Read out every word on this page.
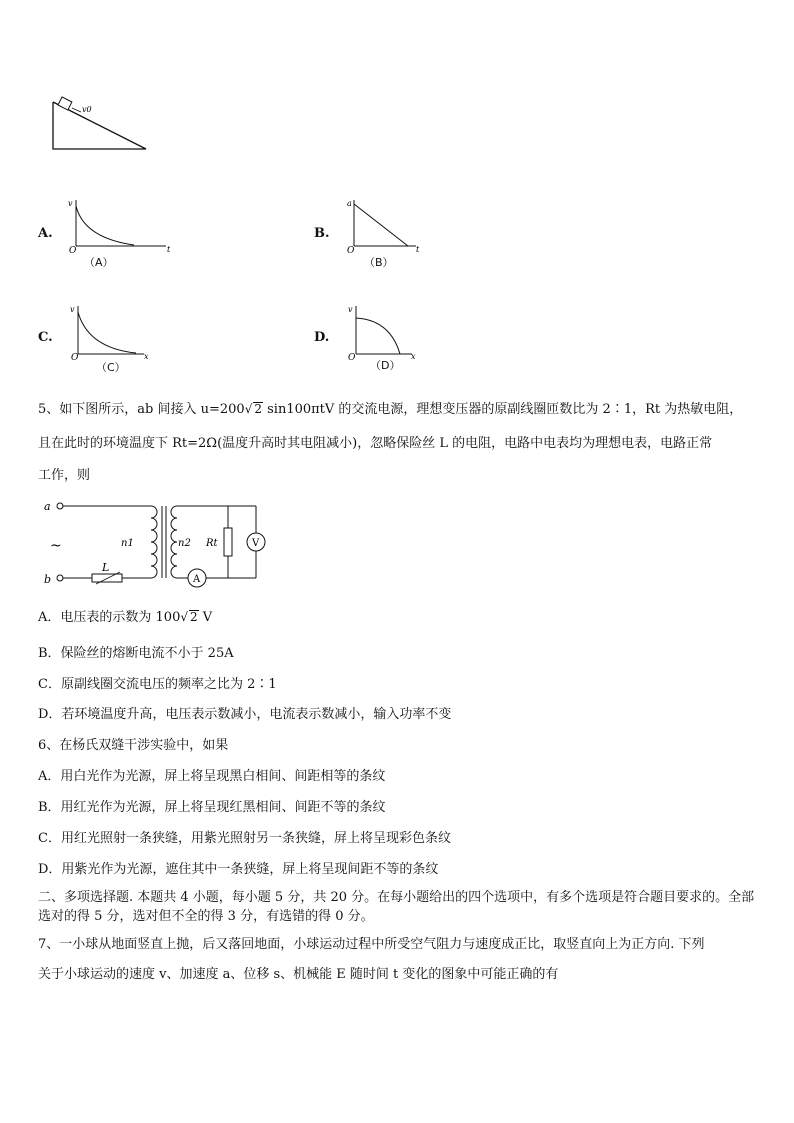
v0
A.
v
O	t
（A）
B.
a
O	t
（B）
C.
v
O	x
（C）
D.
v
O	x
（D）
5、如下图所示，ab 间接入 u=200√ 2 sin100πtV 的交流电源，理想变压器的原副线圈匝数比为 2∶1，Rt 为热敏电阻，
且在此时的环境温度下 Rt=2Ω(温度升高时其电阻减小)，忽略保险丝 L 的电阻，电路中电表均为理想电表，电路正常
工作，则
a
b
~
L
n1	n2
A
Rt	V
A．电压表的示数为 100√ 2 V
B．保险丝的熔断电流不小于 25A
C．原副线圈交流电压的频率之比为 2∶1
D．若环境温度升高，电压表示数减小，电流表示数减小，输入功率不变
6、在杨氏双缝干涉实验中，如果
A．用白光作为光源，屏上将呈现黑白相间、间距相等的条纹
B．用红光作为光源，屏上将呈现红黑相间、间距不等的条纹
C．用红光照射一条狭缝，用紫光照射另一条狭缝，屏上将呈现彩色条纹
D．用紫光作为光源，遮住其中一条狭缝，屏上将呈现间距不等的条纹
二、多项选择题. 本题共 4 小题，每小题 5 分，共 20 分。在每小题给出的四个选项中，有多个选项是符合题目要求的。全部选对的得 5 分，选对但不全的得 3 分，有选错的得 0 分。
7、一小球从地面竖直上抛，后又落回地面，小球运动过程中所受空气阻力与速度成正比，取竖直向上为正方向. 下列
关于小球运动的速度 v、加速度 a、位移 s、机械能 E 随时间 t 变化的图象中可能正确的有
